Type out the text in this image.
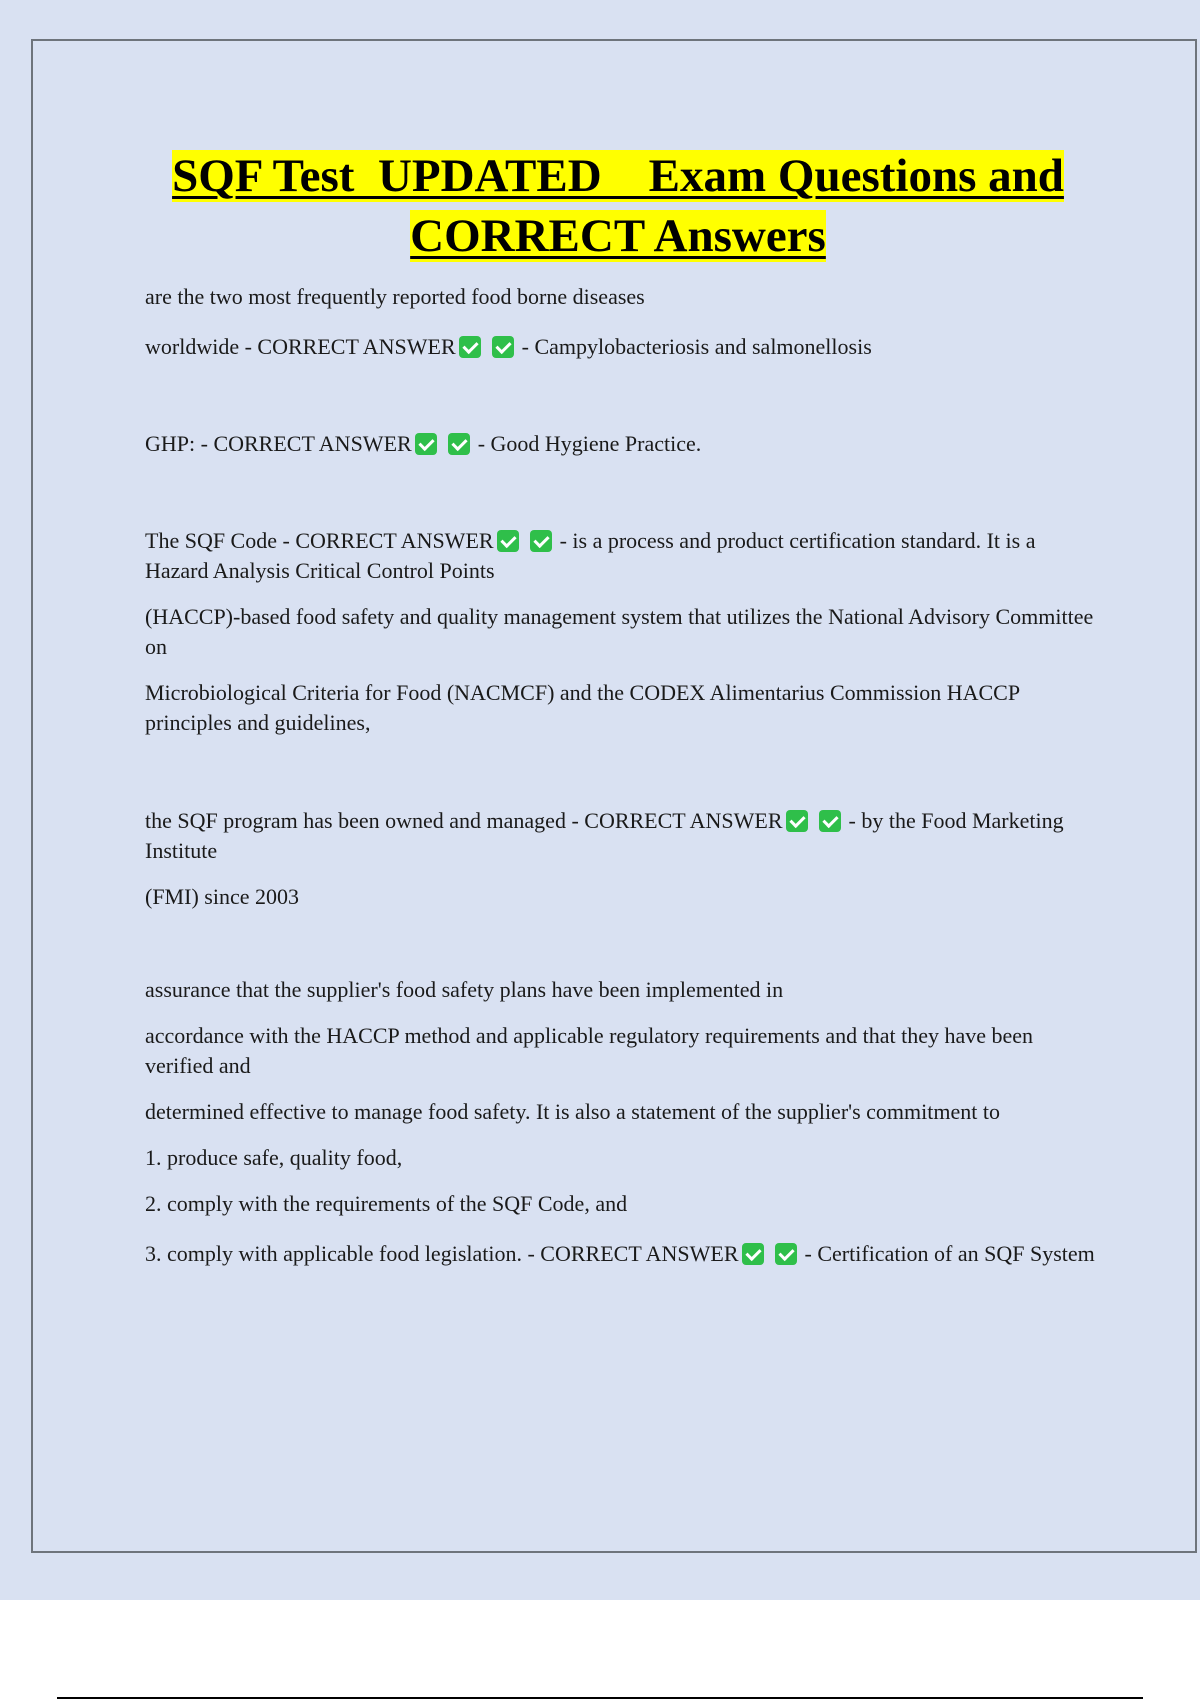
SQF Test  UPDATED    Exam Questions and
CORRECT Answers

are the two most frequently reported food borne diseases

worldwide - CORRECT ANSWER	- Campylobacteriosis and salmonellosis

GHP: - CORRECT ANSWER	- Good Hygiene Practice.

The SQF Code - CORRECT ANSWER	- is a process and product certification standard. It is a Hazard Analysis Critical Control Points

(HACCP)-based food safety and quality management system that utilizes the National Advisory Committee on

Microbiological Criteria for Food (NACMCF) and the CODEX Alimentarius Commission HACCP principles and guidelines,

the SQF program has been owned and managed - CORRECT ANSWER	- by the Food Marketing Institute

(FMI) since 2003

assurance that the supplier's food safety plans have been implemented in

accordance with the HACCP method and applicable regulatory requirements and that they have been verified and

determined effective to manage food safety. It is also a statement of the supplier's commitment to

1. produce safe, quality food,

2. comply with the requirements of the SQF Code, and

3. comply with applicable food legislation. - CORRECT ANSWER	- Certification of an SQF System
